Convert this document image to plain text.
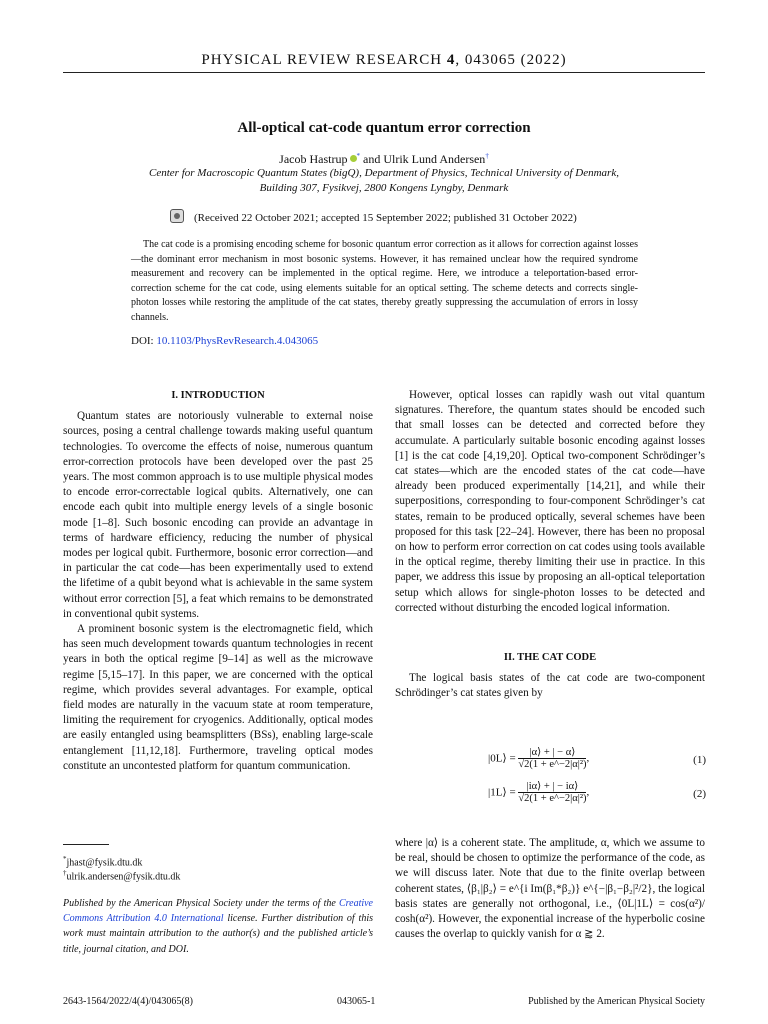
PHYSICAL REVIEW RESEARCH 4, 043065 (2022)
All-optical cat-code quantum error correction
Jacob Hastrup * and Ulrik Lund Andersen†
Center for Macroscopic Quantum States (bigQ), Department of Physics, Technical University of Denmark,
Building 307, Fysikvej, 2800 Kongens Lyngby, Denmark
(Received 22 October 2021; accepted 15 September 2022; published 31 October 2022)
The cat code is a promising encoding scheme for bosonic quantum error correction as it allows for correction against losses—the dominant error mechanism in most bosonic systems. However, it has remained unclear how the required syndrome measurement and recovery can be implemented in the optical regime. Here, we introduce a teleportation-based error-correction scheme for the cat code, using elements suitable for an optical setting. The scheme detects and corrects single-photon losses while restoring the amplitude of the cat states, thereby greatly suppressing the accumulation of errors in lossy channels.
DOI: 10.1103/PhysRevResearch.4.043065
I. INTRODUCTION

Quantum states are notoriously vulnerable to external noise sources, posing a central challenge towards making useful quantum technologies. To overcome the effects of noise, numerous quantum error-correction protocols have been developed over the past 25 years. The most common approach is to use multiple physical modes to encode error-correctable logical qubits. Alternatively, one can encode each qubit into multiple energy levels of a single bosonic mode [1–8]. Such bosonic encoding can provide an advantage in terms of hardware efficiency, reducing the number of physical modes per logical qubit. Furthermore, bosonic error correction—and in particular the cat code—has been experimentally used to extend the lifetime of a qubit beyond what is achievable in the same system without error correction [5], a feat which remains to be demonstrated in conventional qubit systems.

A prominent bosonic system is the electromagnetic field, which has seen much development towards quantum technologies in recent years in both the optical regime [9–14] as well as the microwave regime [5,15–17]. In this paper, we are concerned with the optical regime, which provides several advantages. For example, optical field modes are naturally in the vacuum state at room temperature, limiting the requirement for cryogenics. Additionally, optical modes are easily entangled using beamsplitters (BSs), enabling large-scale entanglement [11,12,18]. Furthermore, traveling optical modes constitute an uncontested platform for quantum communication.

*jhast@fysik.dtu.dk
†ulrik.andersen@fysik.dtu.dk
Published by the American Physical Society under the terms of the Creative Commons Attribution 4.0 International license. Further distribution of this work must maintain attribution to the author(s) and the published article’s title, journal citation, and DOI.

However, optical losses can rapidly wash out vital quantum signatures. Therefore, the quantum states should be encoded such that small losses can be detected and corrected before they accumulate. A particularly suitable bosonic encoding against losses [1] is the cat code [4,19,20]. Optical two-component Schrödinger’s cat states—which are the encoded states of the cat code—have already been produced experimentally [14,21], and while their superpositions, corresponding to four-component Schrödinger’s cat states, remain to be produced optically, several schemes have been proposed for this task [22–24]. However, there has been no proposal on how to perform error correction on cat codes using tools available in the optical regime, thereby limiting their use in practice. In this paper, we address this issue by proposing an all-optical teleportation setup which allows for single-photon losses to be detected and corrected without disturbing the encoded logical information.

II. THE CAT CODE

The logical basis states of the cat code are two-component Schrödinger’s cat states given by

|0L⟩ = $\frac{|\alpha⟩ + | - \alpha⟩}{\text{√2(1 + e\textasciicircum{}−2|α|²)}}$ ,	(1)
|1L⟩ = $\frac{|i\alpha⟩ + | - i\alpha⟩}{\text{√2(1 + e\textasciicircum{}−2|α|²)}}$ ,	(2)

where |α⟩ is a coherent state. The amplitude, α, which we assume to be real, should be chosen to optimize the performance of the code, as we will discuss later. Note that due to the finite overlap between coherent states, ⟨β₁|β₂⟩ = e^{i Im(β₁*β₂)} e^{−|β₁−β₂|²/2}, the logical basis states are generally not orthogonal, i.e., ⟨0L|1L⟩ = cos(α²)/ cosh(α²). However, the exponential increase of the hyperbolic cosine causes the overlap to quickly vanish for α ⪆ 2.

2643-1564/2022/4(4)/043065(8)	043065-1	Published by the American Physical Society
